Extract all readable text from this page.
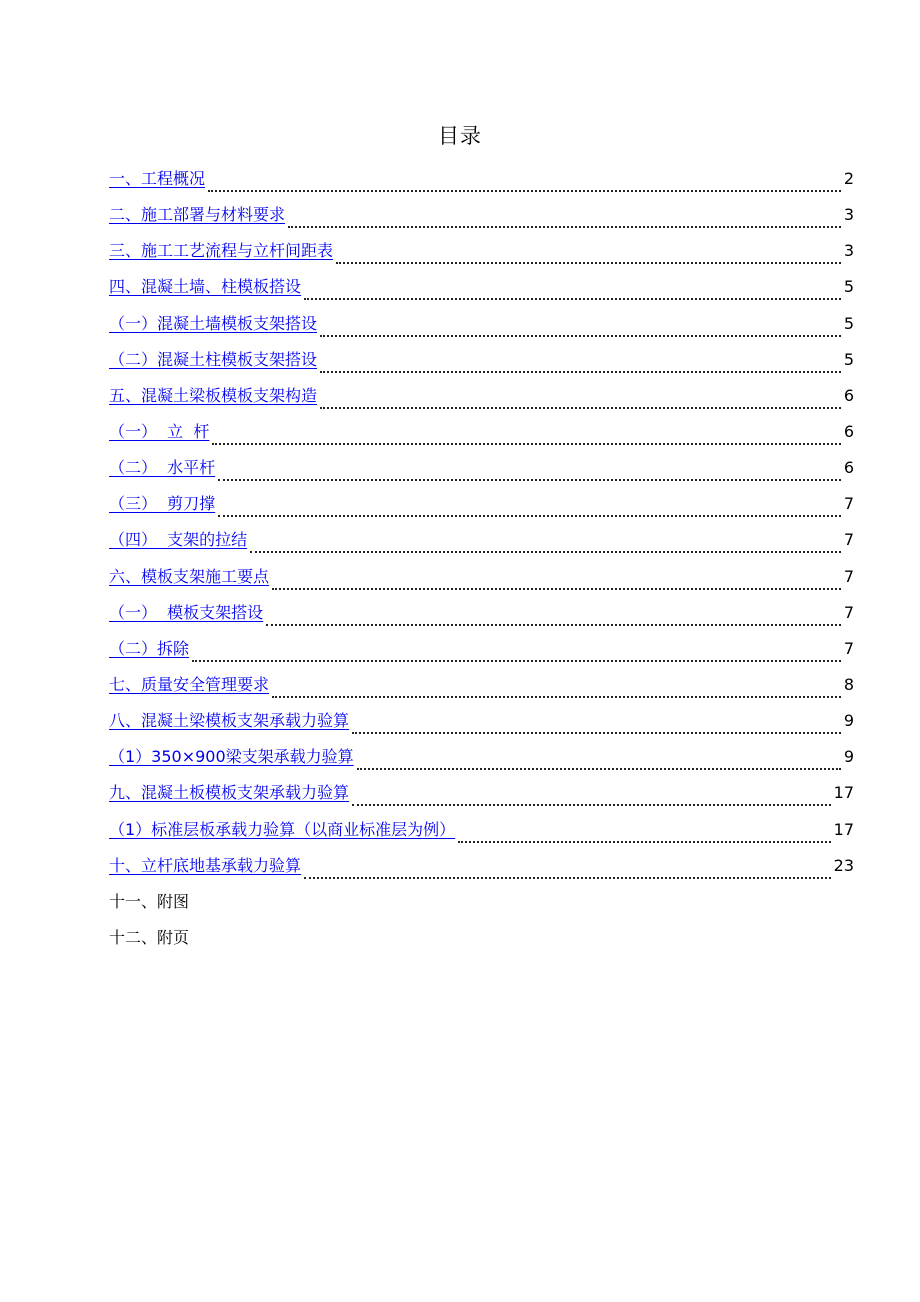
目录
一、工程概况	2
二、施工部署与材料要求	3
三、施工工艺流程与立杆间距表	3
四、混凝土墙、柱模板搭设	5
（一）混凝土墙模板支架搭设	5
（二）混凝土柱模板支架搭设	5
五、混凝土梁板模板支架构造	6
（一）  立  杆	6
（二）  水平杆	6
（三）  剪刀撑	7
（四）  支架的拉结	7
六、模板支架施工要点	7
（一）  模板支架搭设	7
（二）拆除	7
七、质量安全管理要求	8
八、混凝土梁模板支架承载力验算	9
（1）350×900梁支架承载力验算	9
九、混凝土板模板支架承载力验算	17
（1）标准层板承载力验算（以商业标准层为例）	17
十、立杆底地基承载力验算	23
十一、附图
十二、附页
